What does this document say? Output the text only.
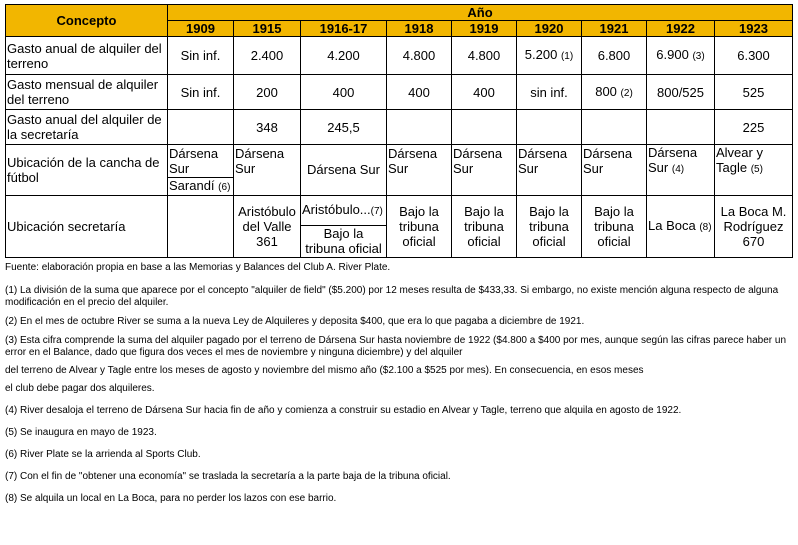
Concepto	Año								
	1909	1915	1916-17	1918	1919	1920	1921	1922	1923
Gasto anual de alquiler del terreno	Sin inf.	2.400	4.200	4.800	4.800	5.200 (1)	6.800	6.900 (3)	6.300
Gasto mensual de alquiler del terreno	Sin inf.	200	400	400	400	sin inf.	800 (2)	800/525	525
Gasto anual del alquiler de la secretaría		348	245,5						225
Ubicación de la cancha de fútbol	Dársena Sur	Dársena Sur	Dársena Sur	Dársena Sur	Dársena Sur	Dársena Sur	Dársena Sur	Dársena Sur (4)	Alvear y Tagle (5)
	Sarandí (6)								
Ubicación secretaría		Aristóbulo del Valle 361	Aristóbulo...(7)	Bajo la tribuna oficial	Bajo la tribuna oficial	Bajo la tribuna oficial	Bajo la tribuna oficial	La Boca (8)	La Boca M. Rodríguez 670
			Bajo la tribuna oficial						

Fuente: elaboración propia en base a las Memorias y Balances del Club A. River Plate.

(1) La división de la suma que aparece por el concepto "alquiler de field" ($5.200) por 12 meses resulta de $433,33. Si embargo, no existe mención alguna respecto de alguna modificación en el precio del alquiler.

(2) En el mes de octubre River se suma a la nueva Ley de Alquileres y deposita $400, que era lo que pagaba a diciembre de 1921.

(3) Esta cifra comprende la suma del alquiler pagado por el terreno de Dársena Sur hasta noviembre de 1922 ($4.800 a $400 por mes, aunque según las cifras parece haber un error en el Balance, dado que figura dos veces el mes de noviembre y ninguna diciembre) y del alquiler

del terreno de Alvear y Tagle entre los meses de agosto y noviembre del mismo año ($2.100 a $525 por mes). En consecuencia, en esos meses

el club debe pagar dos alquileres.

(4) River desaloja el terreno de Dársena Sur hacia fin de año y comienza a construir su estadio en Alvear y Tagle, terreno que alquila en agosto de 1922.

(5) Se inaugura en mayo de 1923.

(6) River Plate se la arrienda al Sports Club.

(7) Con el fin de "obtener una economía" se traslada la secretaría a la parte baja de la tribuna oficial.

(8) Se alquila un local en La Boca, para no perder los lazos con ese barrio.
